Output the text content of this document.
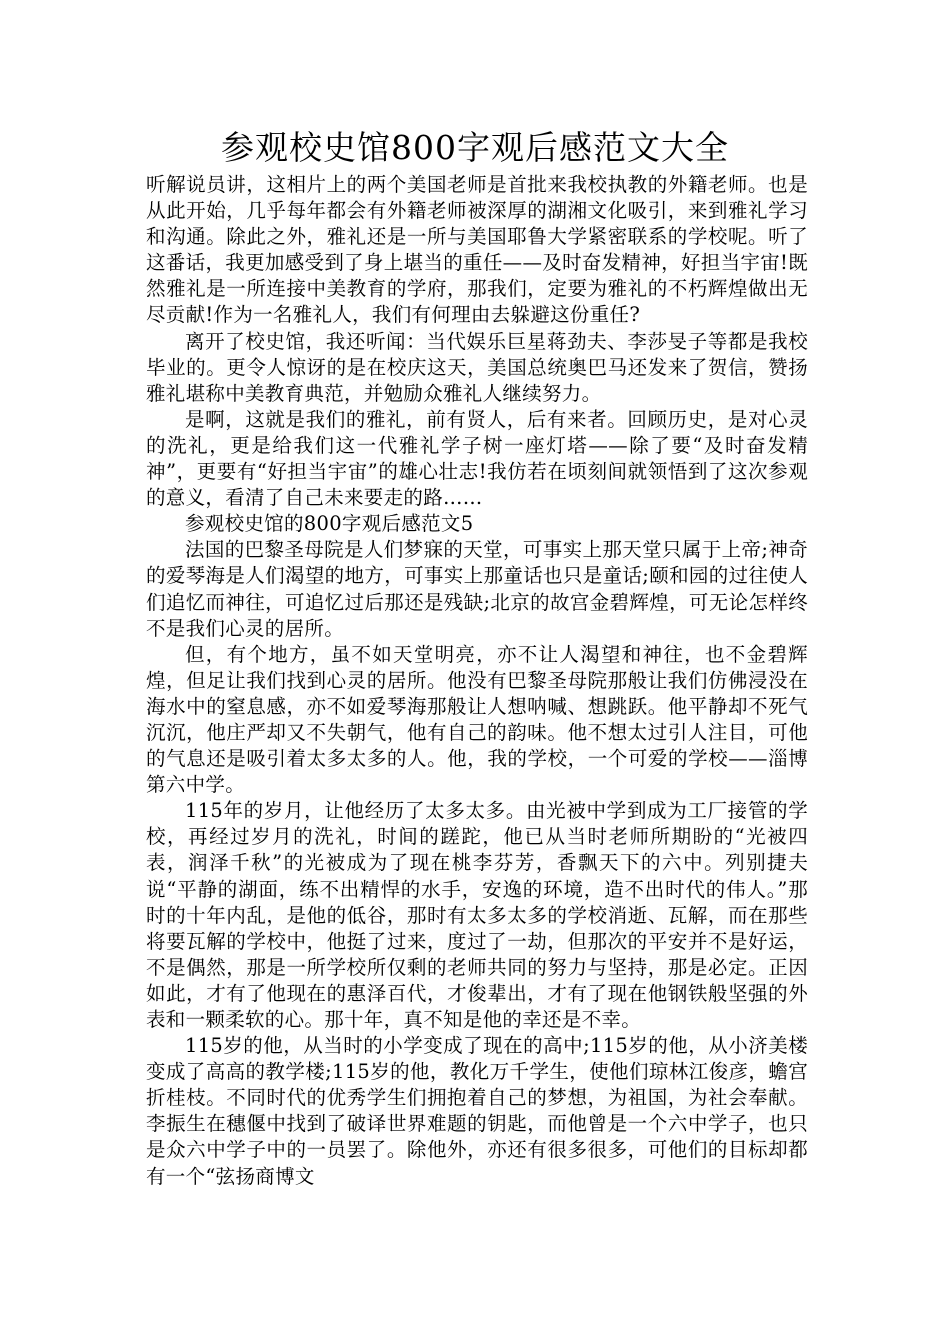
参观校史馆800字观后感范文大全

听解说员讲，这相片上的两个美国老师是首批来我校执教的外籍老师。也是从此开始，几乎每年都会有外籍老师被深厚的湖湘文化吸引，来到雅礼学习和沟通。除此之外，雅礼还是一所与美国耶鲁大学紧密联系的学校呢。听了这番话，我更加感受到了身上堪当的重任——及时奋发精神，好担当宇宙!既然雅礼是一所连接中美教育的学府，那我们，定要为雅礼的不朽辉煌做出无尽贡献!作为一名雅礼人，我们有何理由去躲避这份重任?

离开了校史馆，我还听闻：当代娱乐巨星蒋劲夫、李莎旻子等都是我校毕业的。更令人惊讶的是在校庆这天，美国总统奥巴马还发来了贺信，赞扬雅礼堪称中美教育典范，并勉励众雅礼人继续努力。

是啊，这就是我们的雅礼，前有贤人，后有来者。回顾历史，是对心灵的洗礼，更是给我们这一代雅礼学子树一座灯塔——除了要“及时奋发精神”，更要有“好担当宇宙”的雄心壮志!我仿若在顷刻间就领悟到了这次参观的意义，看清了自己未来要走的路……

参观校史馆的800字观后感范文5

法国的巴黎圣母院是人们梦寐的天堂，可事实上那天堂只属于上帝;神奇的爱琴海是人们渴望的地方，可事实上那童话也只是童话;颐和园的过往使人们追忆而神往，可追忆过后那还是残缺;北京的故宫金碧辉煌，可无论怎样终不是我们心灵的居所。

但，有个地方，虽不如天堂明亮，亦不让人渴望和神往，也不金碧辉煌，但足让我们找到心灵的居所。他没有巴黎圣母院那般让我们仿佛浸没在海水中的窒息感，亦不如爱琴海那般让人想呐喊、想跳跃。他平静却不死气沉沉，他庄严却又不失朝气，他有自己的韵味。他不想太过引人注目，可他的气息还是吸引着太多太多的人。他，我的学校，一个可爱的学校——淄博第六中学。

115年的岁月，让他经历了太多太多。由光被中学到成为工厂接管的学校，再经过岁月的洗礼，时间的蹉跎，他已从当时老师所期盼的“光被四表，润泽千秋”的光被成为了现在桃李芬芳，香飘天下的六中。列别捷夫说“平静的湖面，练不出精悍的水手，安逸的环境，造不出时代的伟人。”那时的十年内乱，是他的低谷，那时有太多太多的学校消逝、瓦解，而在那些将要瓦解的学校中，他挺了过来，度过了一劫，但那次的平安并不是好运，不是偶然，那是一所学校所仅剩的老师共同的努力与坚持，那是必定。正因如此，才有了他现在的惠泽百代，才俊辈出，才有了现在他钢铁般坚强的外表和一颗柔软的心。那十年，真不知是他的幸还是不幸。

115岁的他，从当时的小学变成了现在的高中;115岁的他，从小济美楼变成了高高的教学楼;115岁的他，教化万千学生，使他们琼林江俊彦，蟾宫折桂枝。不同时代的优秀学生们拥抱着自己的梦想，为祖国，为社会奉献。李振生在穗偃中找到了破译世界难题的钥匙，而他曾是一个六中学子，也只是众六中学子中的一员罢了。除他外，亦还有很多很多，可他们的目标却都有一个“弦扬商博文
